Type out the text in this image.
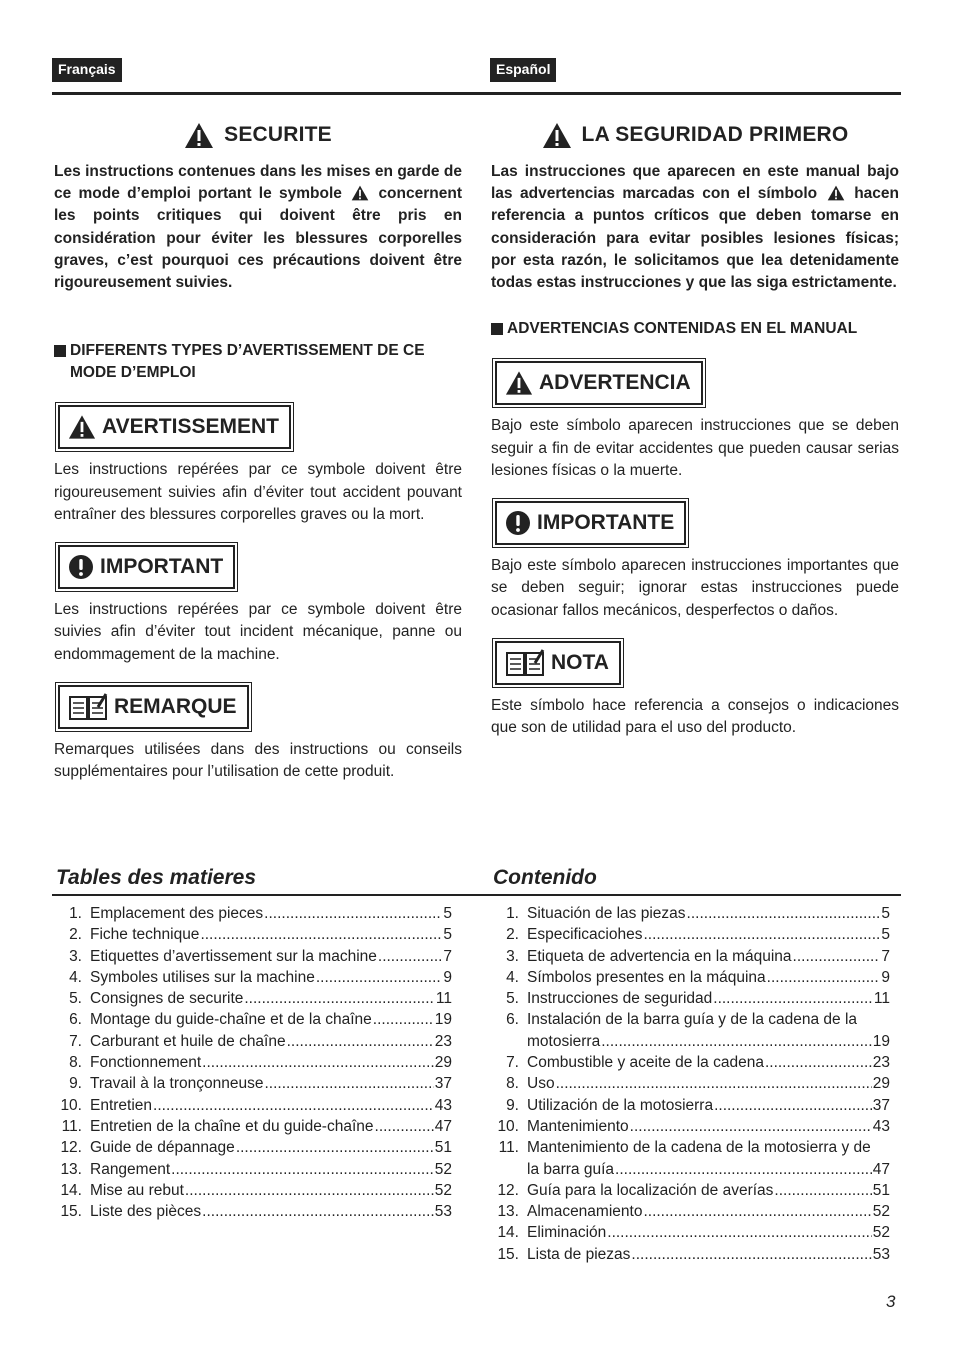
Français	Español
SECURITE

Les instructions contenues dans les mises en garde de ce mode d’emploi portant le symbole concernent les points critiques qui doivent être pris en considération pour éviter les blessures corporelles graves, c’est pourquoi ces précautions doivent être rigoureusement suivies.

DIFFERENTS TYPES D’AVERTISSEMENT DE CE MODE D’EMPLOI
AVERTISSEMENT

Les instructions repérées par ce symbole doivent être rigoureusement suivies afin d’éviter tout accident pouvant entraîner des blessures corporelles graves ou la mort.

IMPORTANT

Les instructions repérées par ce symbole doivent être suivies afin d’éviter tout incident mécanique, panne ou endommagement de la machine.

REMARQUE

Remarques utilisées dans des instructions ou conseils supplémentaires pour l’utilisation de cette produit.

LA SEGURIDAD PRIMERO

Las instrucciones que aparecen en este manual bajo las advertencias marcadas con el símbolo hacen referencia a puntos críticos que deben tomarse en consideración para evitar posibles lesiones físicas; por esta razón, le solicitamos que lea detenidamente todas estas instrucciones y que las siga estrictamente.

ADVERTENCIAS CONTENIDAS EN EL MANUAL
ADVERTENCIA

Bajo este símbolo aparecen instrucciones que se deben seguir a fin de evitar accidentes que pueden causar serias lesiones físicas o la muerte.

IMPORTANTE

Bajo este símbolo aparecen instrucciones importantes que se deben seguir; ignorar estas instrucciones puede ocasionar fallos mecánicos, desperfectos o daños.

NOTA

Este símbolo hace referencia a consejos o indicaciones que son de utilidad para el uso del producto.

Tables des matieres	Contenido
1. Emplacement des pieces .....	5
2. Fiche technique .....	5
3. Etiquettes d’avertissement sur la machine .....	7
4. Symboles utilises sur la machine .....	9
5. Consignes de securite .....	11
6. Montage du guide-chaîne et de la chaîne .....	19
7. Carburant et huile de chaîne .....	23
8. Fonctionnement .....	29
9. Travail à la tronçonneuse .....	37
10. Entretien .....	43
11. Entretien de la chaîne et du guide-chaîne .....	47
12. Guide de dépannage .....	51
13. Rangement .....	52
14. Mise au rebut .....	52
15. Liste des pièces .....	53
1. Situación de las piezas .....	5
2. Especificaciohes .....	5
3. Etiqueta de advertencia en la máquina .....	7
4. Símbolos presentes en la máquina .....	9
5. Instrucciones de seguridad .....	11
6. Instalación de la barra guía y de la cadena de la
motosierra .....	19
7. Combustible y aceite de la cadena .....	23
8. Uso .....	29
9. Utilización de la motosierra .....	37
10. Mantenimiento .....	43
11. Mantenimiento de la cadena de la motosierra y de
la barra guía .....	47
12. Guía para la localización de averías .....	51
13. Almacenamiento .....	52
14. Eliminación .....	52
15. Lista de piezas .....	53
3
